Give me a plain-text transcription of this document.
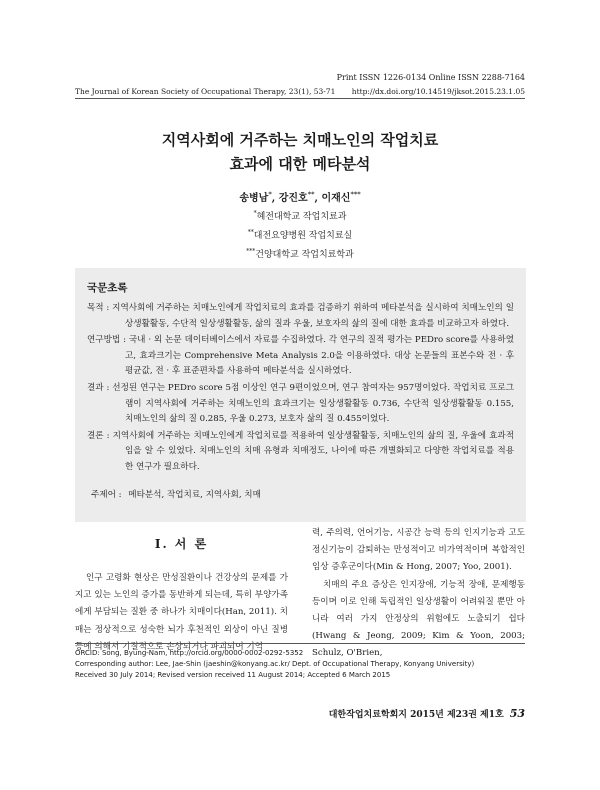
Print ISSN 1226-0134 Online ISSN 2288-7164
The Journal of Korean Society of Occupational Therapy, 23(1), 53-71 http://dx.doi.org/10.14519/jksot.2015.23.1.05
지역사회에 거주하는 치매노인의 작업치료
효과에 대한 메타분석
송병남*, 강진호**, 이재신***
*혜전대학교 작업치료과
**대전요양병원 작업치료실
***건양대학교 작업치료학과
국문초록
목적 : 지역사회에 거주하는 치매노인에게 작업치료의 효과를 검증하기 위하여 메타분석을 실시하여 치매노인의 일상생활활동, 수단적 일상생활활동, 삶의 질과 우울, 보호자의 삶의 질에 대한 효과를 비교하고자 하였다.
연구방법 : 국내 · 외 논문 데이터베이스에서 자료를 수집하였다. 각 연구의 질적 평가는 PEDro score를 사용하였고, 효과크기는 Comprehensive Meta Analysis 2.0을 이용하였다. 대상 논문들의 표본수와 전 · 후 평균값, 전 · 후 표준편차를 사용하여 메타분석을 실시하였다.
결과 : 선정된 연구는 PEDro score 5점 이상인 연구 9편이었으며, 연구 참여자는 957명이었다. 작업치료 프로그램이 지역사회에 거주하는 치매노인의 효과크기는 일상생활활동 0.736, 수단적 일상생활활동 0.155, 치매노인의 삶의 질 0.285, 우울 0.273, 보호자 삶의 질 0.455이었다.
결론 : 지역사회에 거주하는 치매노인에게 작업치료를 적용하여 일상생활활동, 치매노인의 삶의 질, 우울에 효과적임을 알 수 있었다. 치매노인의 치매 유형과 치매정도, 나이에 따른 개별화되고 다양한 작업치료를 적용한 연구가 필요하다.
주제어 : 메타분석, 작업치료, 지역사회, 치매
Ⅰ. 서 론

인구 고령화 현상은 만성질환이나 건강상의 문제를 가지고 있는 노인의 증가를 동반하게 되는데, 특히 부양가족에게 부담되는 질환 중 하나가 치매이다(Han, 2011). 치매는 정상적으로 성숙한 뇌가 후천적인 외상이 아닌 질병 등에 의해서 기질적으로 손상되거나 파괴되어 기억

력, 주의력, 언어기능, 시공간 능력 등의 인지기능과 고도 정신기능이 감퇴하는 만성적이고 비가역적이며 복합적인 임상 증후군이다(Min & Hong, 2007; Yoo, 2001).

치매의 주요 증상은 인지장애, 기능적 장애, 문제행동 등이며 이로 인해 독립적인 일상생활이 어려워질 뿐만 아니라 여러 가지 안정상의 위험에도 노출되기 쉽다(Hwang & Jeong, 2009; Kim & Yoon, 2003; Schulz, O'Brien,

ORCID: Song, Byung-Nam, http://orcid.org/0000-0002-0292-5352
Corresponding author: Lee, Jae-Shin (jaeshin@konyang.ac.kr/ Dept. of Occupational Therapy, Konyang University)
Received 30 July 2014; Revised version received 11 August 2014; Accepted 6 March 2015
대한작업치료학회지 2015년 제23권 제1호 53
